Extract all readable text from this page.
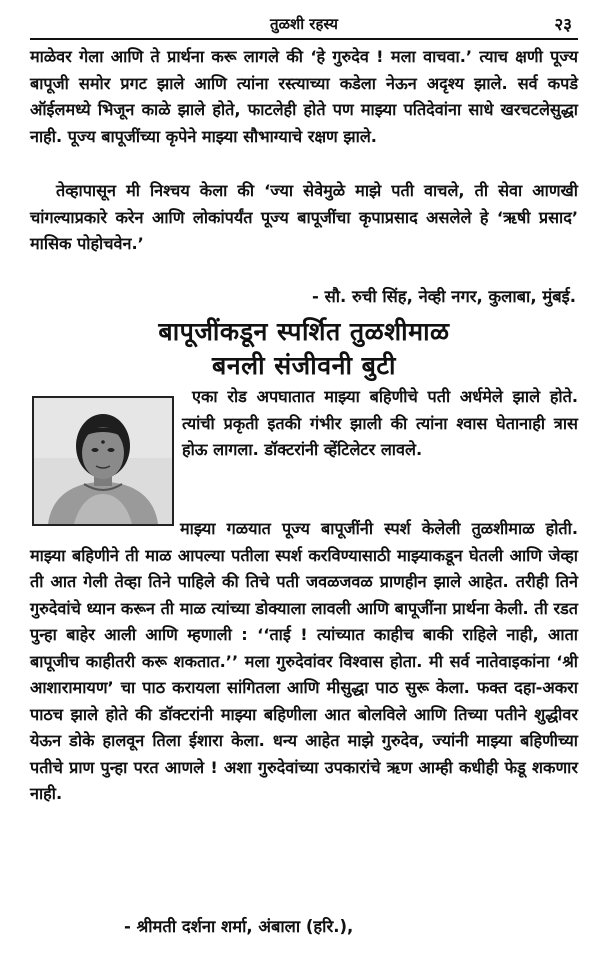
तुळशी रहस्य	२३

माळेवर गेला आणि ते प्रार्थना करू लागले की ‘हे गुरुदेव ! मला वाचवा.’ त्याच क्षणी पूज्य बापूजी समोर प्रगट झाले आणि त्यांना रस्त्याच्या कडेला नेऊन अदृश्य झाले. सर्व कपडे ऑईलमध्ये भिजून काळे झाले होते, फाटलेही होते पण माझ्या पतिदेवांना साधे खरचटलेसुद्धा नाही. पूज्य बापूजींच्या कृपेने माझ्या सौभाग्याचे रक्षण झाले.

तेव्हापासून मी निश्चय केला की ‘ज्या सेवेमुळे माझे पती वाचले, ती सेवा आणखी चांगल्याप्रकारे करेन आणि लोकांपर्यंत पूज्य बापूजींचा कृपाप्रसाद असलेले हे ‘ऋषी प्रसाद’ मासिक पोहोचवेन.’

- सौ. रुची सिंह, नेव्ही नगर, कुलाबा, मुंबई.

बापूजींकडून स्पर्शित तुळशीमाळ
बनली संजीवनी बुटी

एका रोड अपघातात माझ्या बहिणीचे पती अर्धमेले झाले होते. त्यांची प्रकृती इतकी गंभीर झाली की त्यांना श्वास घेतानाही त्रास होऊ लागला. डॉक्टरांनी व्हेंटिलेटर लावले.

माझ्या गळयात पूज्य बापूजींनी स्पर्श केलेली तुळशीमाळ होती. माझ्या बहिणीने ती माळ आपल्या पतीला स्पर्श करविण्यासाठी माझ्याकडून घेतली आणि जेव्हा ती आत गेली तेव्हा तिने पाहिले की तिचे पती जवळजवळ प्राणहीन झाले आहेत. तरीही तिने गुरुदेवांचे ध्यान करून ती माळ त्यांच्या डोक्याला लावली आणि बापूजींना प्रार्थना केली. ती रडत पुन्हा बाहेर आली आणि म्हणाली : ‘‘ताई ! त्यांच्यात काहीच बाकी राहिले नाही, आता बापूजीच काहीतरी करू शकतात.’’ मला गुरुदेवांवर विश्वास होता. मी सर्व नातेवाइकांना ‘श्री आशारामायण’ चा पाठ करायला सांगितला आणि मीसुद्धा पाठ सुरू केला. फक्त दहा-अकरा पाठच झाले होते की डॉक्टरांनी माझ्या बहिणीला आत बोलविले आणि तिच्या पतीने शुद्धीवर येऊन डोके हालवून तिला ईशारा केला. धन्य आहेत माझे गुरुदेव, ज्यांनी माझ्या बहिणीच्या पतीचे प्राण पुन्हा परत आणले ! अशा गुरुदेवांच्या उपकारांचे ऋण आम्ही कधीही फेडू शकणार नाही.

- श्रीमती दर्शना शर्मा, अंबाला (हरि.),
